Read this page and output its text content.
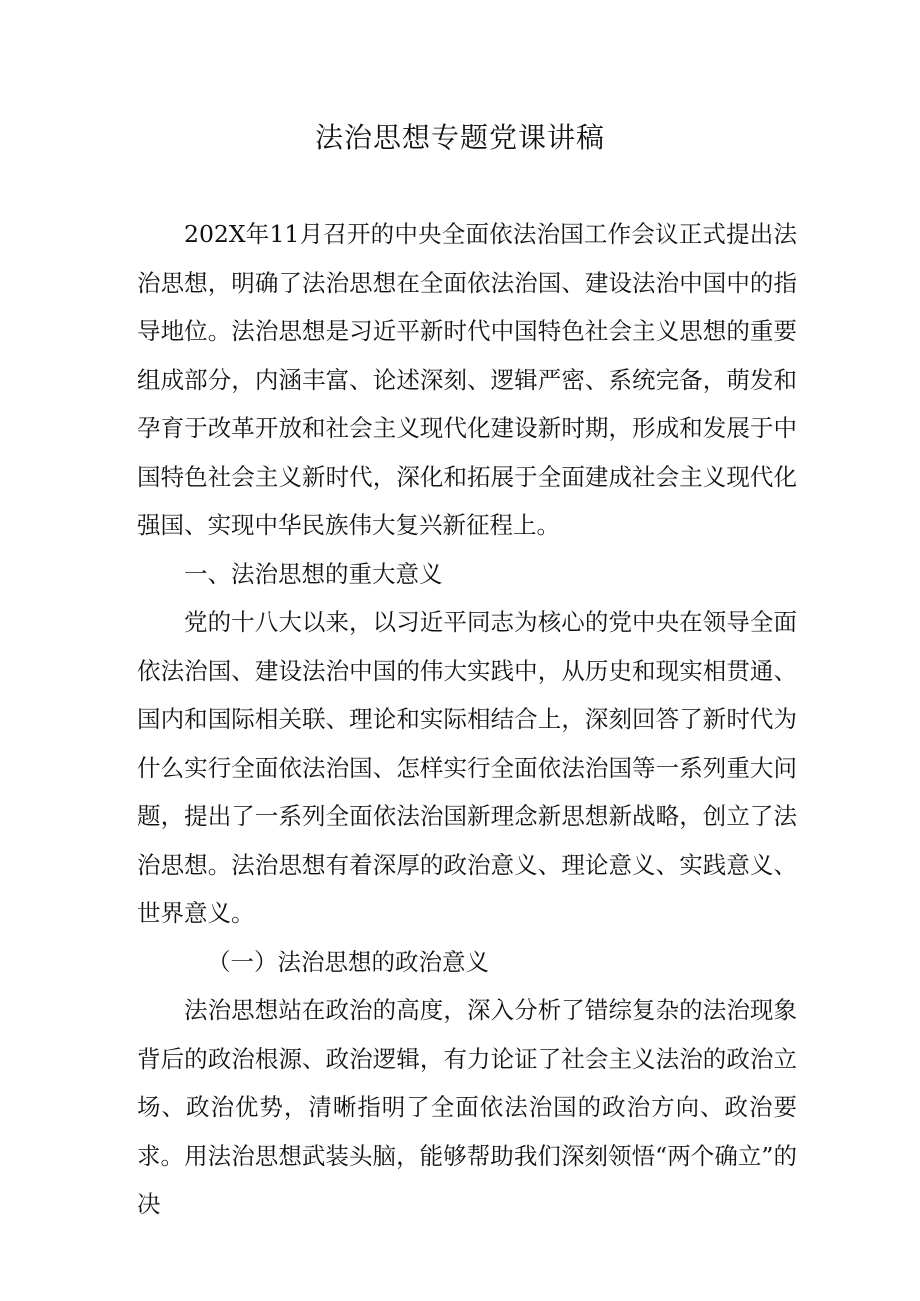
法治思想专题党课讲稿

202X年11月召开的中央全面依法治国工作会议正式提出法治思想，明确了法治思想在全面依法治国、建设法治中国中的指导地位。法治思想是习近平新时代中国特色社会主义思想的重要组成部分，内涵丰富、论述深刻、逻辑严密、系统完备，萌发和孕育于改革开放和社会主义现代化建设新时期，形成和发展于中国特色社会主义新时代，深化和拓展于全面建成社会主义现代化强国、实现中华民族伟大复兴新征程上。

一、法治思想的重大意义

党的十八大以来，以习近平同志为核心的党中央在领导全面依法治国、建设法治中国的伟大实践中，从历史和现实相贯通、国内和国际相关联、理论和实际相结合上，深刻回答了新时代为什么实行全面依法治国、怎样实行全面依法治国等一系列重大问题，提出了一系列全面依法治国新理念新思想新战略，创立了法治思想。法治思想有着深厚的政治意义、理论意义、实践意义、世界意义。

（一）法治思想的政治意义

法治思想站在政治的高度，深入分析了错综复杂的法治现象背后的政治根源、政治逻辑，有力论证了社会主义法治的政治立场、政治优势，清晰指明了全面依法治国的政治方向、政治要求。用法治思想武装头脑，能够帮助我们深刻领悟“两个确立”的决
